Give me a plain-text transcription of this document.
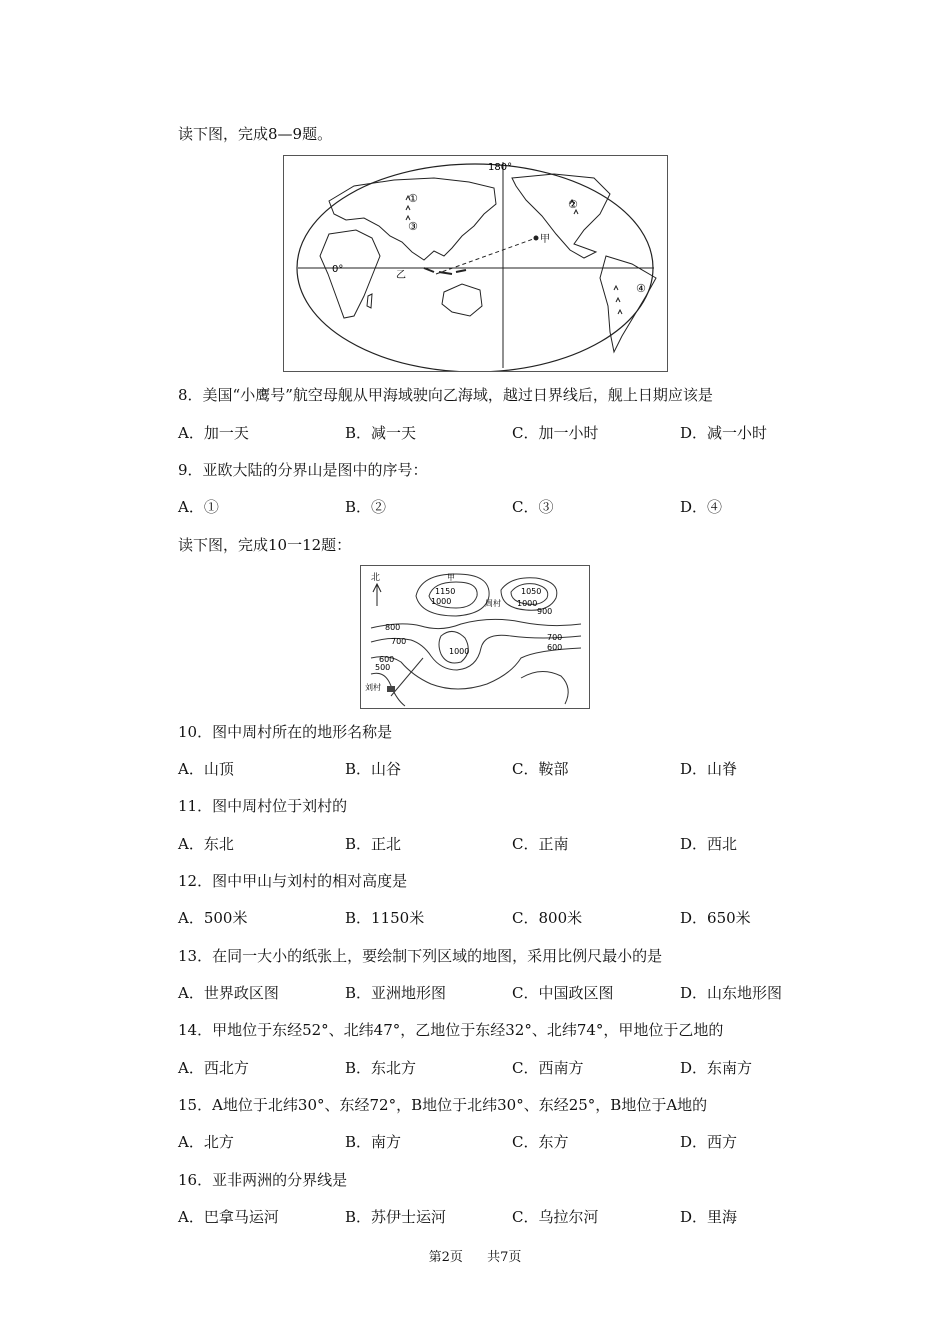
读下图，完成8—9题。
180°
0°
①	②
③
④
甲
乙
8．美国“小鹰号”航空母舰从甲海域驶向乙海域，越过日界线后，舰上日期应该是
A．加一天	B．减一天	C．加一小时	D．减一小时
9．亚欧大陆的分界山是图中的序号：
A．①	B．②	C．③	D．④
读下图，完成10一12题：
北	甲
1150	1050
周村
1000	1000
900
800
700	700
600
600
500
1000
刘村
10．图中周村所在的地形名称是
A．山顶	B．山谷	C．鞍部	D．山脊
11．图中周村位于刘村的
A．东北	B．正北	C．正南	D．西北
12．图中甲山与刘村的相对高度是
A．500米	B．1150米	C．800米	D．650米
13．在同一大小的纸张上，要绘制下列区域的地图，采用比例尺最小的是
A．世界政区图	B．亚洲地形图	C．中国政区图	D．山东地形图
14．甲地位于东经52°、北纬47°，乙地位于东经32°、北纬74°，甲地位于乙地的
A．西北方	B．东北方	C．西南方	D．东南方
15．A地位于北纬30°、东经72°，B地位于北纬30°、东经25°，B地位于A地的
A．北方	B．南方	C．东方	D．西方
16．亚非两洲的分界线是
A．巴拿马运河	B．苏伊士运河	C．乌拉尔河	D．里海
第2页 共7页
